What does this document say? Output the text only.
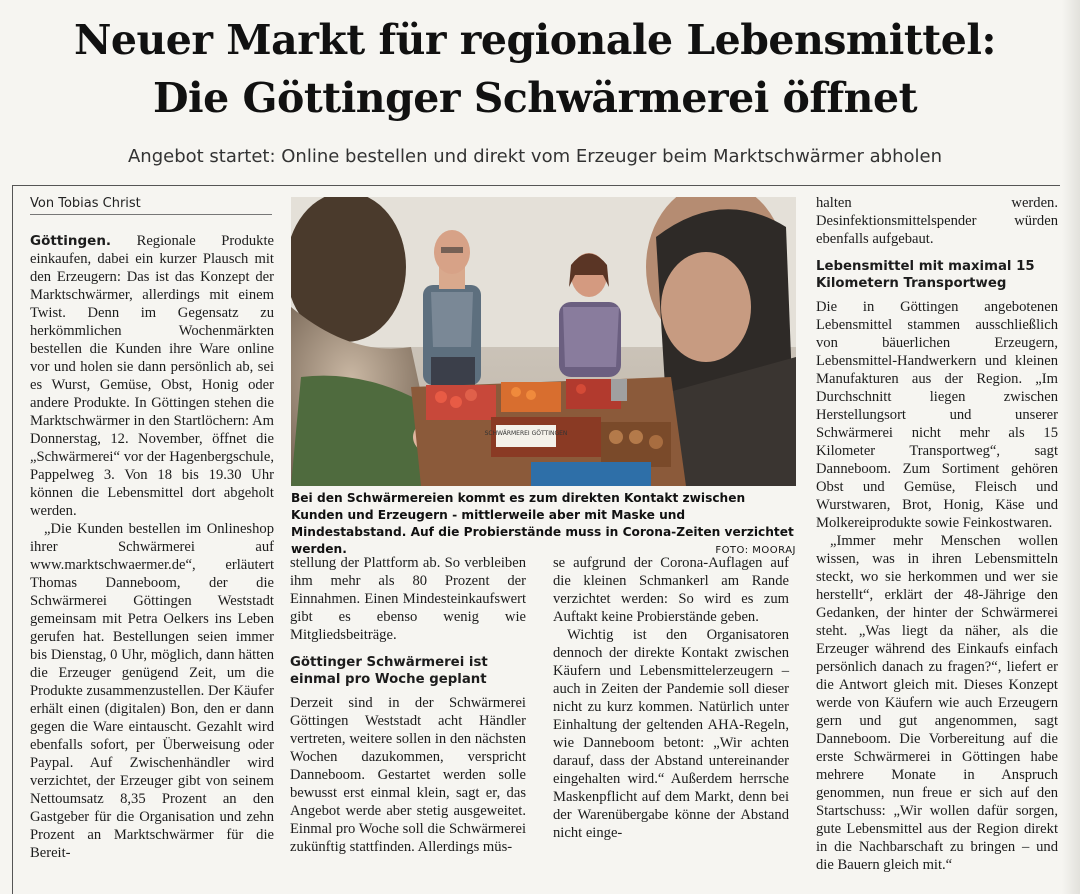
Neuer Markt für regionale Lebensmittel:
Die Göttinger Schwärmerei öffnet
Angebot startet: Online bestellen und direkt vom Erzeuger beim Marktschwärmer abholen
Von Tobias Christ

Göttingen. Regionale Produkte einkaufen, dabei ein kurzer Plausch mit den Erzeugern: Das ist das Konzept der Marktschwärmer, allerdings mit einem Twist. Denn im Gegensatz zu herkömmlichen Wochenmärkten bestellen die Kunden ihre Ware online vor und holen sie dann persönlich ab, sei es Wurst, Gemüse, Obst, Honig oder andere Produkte. In Göttingen stehen die Marktschwärmer in den Startlöchern: Am Donnerstag, 12. November, öffnet die „Schwärmerei“ vor der Hagenbergschule, Pappelweg 3. Von 18 bis 19.30 Uhr können die Lebensmittel dort abgeholt werden.

„Die Kunden bestellen im Onlineshop ihrer Schwärmerei auf www.marktschwaermer.de“, erläutert Thomas Danneboom, der die Schwärmerei Göttingen Weststadt gemeinsam mit Petra Oelkers ins Leben gerufen hat. Bestellungen seien immer bis Dienstag, 0 Uhr, möglich, dann hätten die Erzeuger genügend Zeit, um die Produkte zusammenzustellen. Der Käufer erhält einen (digitalen) Bon, den er dann gegen die Ware eintauscht. Gezahlt wird ebenfalls sofort, per Überweisung oder Paypal. Auf Zwischenhändler wird verzichtet, der Erzeuger gibt von seinem Nettoumsatz 8,35 Prozent an den Gastgeber für die Organisation und zehn Prozent an Marktschwärmer für die Bereit-

SCHWÄRMEREI GÖTTINGEN
Bei den Schwärmereien kommt es zum direkten Kontakt zwischen Kunden und Erzeugern - mittlerweile aber mit Maske und Mindestabstand. Auf die Probierstände muss in Corona-Zeiten verzichtet werden.	FOTO: MOORAJ

stellung der Plattform ab. So verbleiben ihm mehr als 80 Prozent der Einnahmen. Einen Mindesteinkaufswert gibt es ebenso wenig wie Mitgliedsbeiträge.

Göttinger Schwärmerei ist einmal pro Woche geplant

Derzeit sind in der Schwärmerei Göttingen Weststadt acht Händler vertreten, weitere sollen in den nächsten Wochen dazukommen, verspricht Danneboom. Gestartet werden solle bewusst erst einmal klein, sagt er, das Angebot werde aber stetig ausgeweitet. Einmal pro Woche soll die Schwärmerei zukünftig stattfinden. Allerdings müs-

se aufgrund der Corona-Auflagen auf die kleinen Schmankerl am Rande verzichtet werden: So wird es zum Auftakt keine Probierstände geben.

Wichtig ist den Organisatoren dennoch der direkte Kontakt zwischen Käufern und Lebensmittelerzeugern – auch in Zeiten der Pandemie soll dieser nicht zu kurz kommen. Natürlich unter Einhaltung der geltenden AHA-Regeln, wie Danneboom betont: „Wir achten darauf, dass der Abstand untereinander eingehalten wird.“ Außerdem herrsche Maskenpflicht auf dem Markt, denn bei der Warenübergabe könne der Abstand nicht einge-

halten werden. Desinfektionsmittelspender würden ebenfalls aufgebaut.

Lebensmittel mit maximal 15 Kilometern Transportweg

Die in Göttingen angebotenen Lebensmittel stammen ausschließlich von bäuerlichen Erzeugern, Lebensmittel-Handwerkern und kleinen Manufakturen aus der Region. „Im Durchschnitt liegen zwischen Herstellungsort und unserer Schwärmerei nicht mehr als 15 Kilometer Transportweg“, sagt Danneboom. Zum Sortiment gehören Obst und Gemüse, Fleisch und Wurstwaren, Brot, Honig, Käse und Molkereiprodukte sowie Feinkostwaren.

„Immer mehr Menschen wollen wissen, was in ihren Lebensmitteln steckt, wo sie herkommen und wer sie herstellt“, erklärt der 48-Jährige den Gedanken, der hinter der Schwärmerei steht. „Was liegt da näher, als die Erzeuger während des Einkaufs einfach persönlich danach zu fragen?“, liefert er die Antwort gleich mit. Dieses Konzept werde von Käufern wie auch Erzeugern gern und gut angenommen, sagt Danneboom. Die Vorbereitung auf die erste Schwärmerei in Göttingen habe mehrere Monate in Anspruch genommen, nun freue er sich auf den Startschuss: „Wir wollen dafür sorgen, gute Lebensmittel aus der Region direkt in die Nachbarschaft zu bringen – und die Bauern gleich mit.“
